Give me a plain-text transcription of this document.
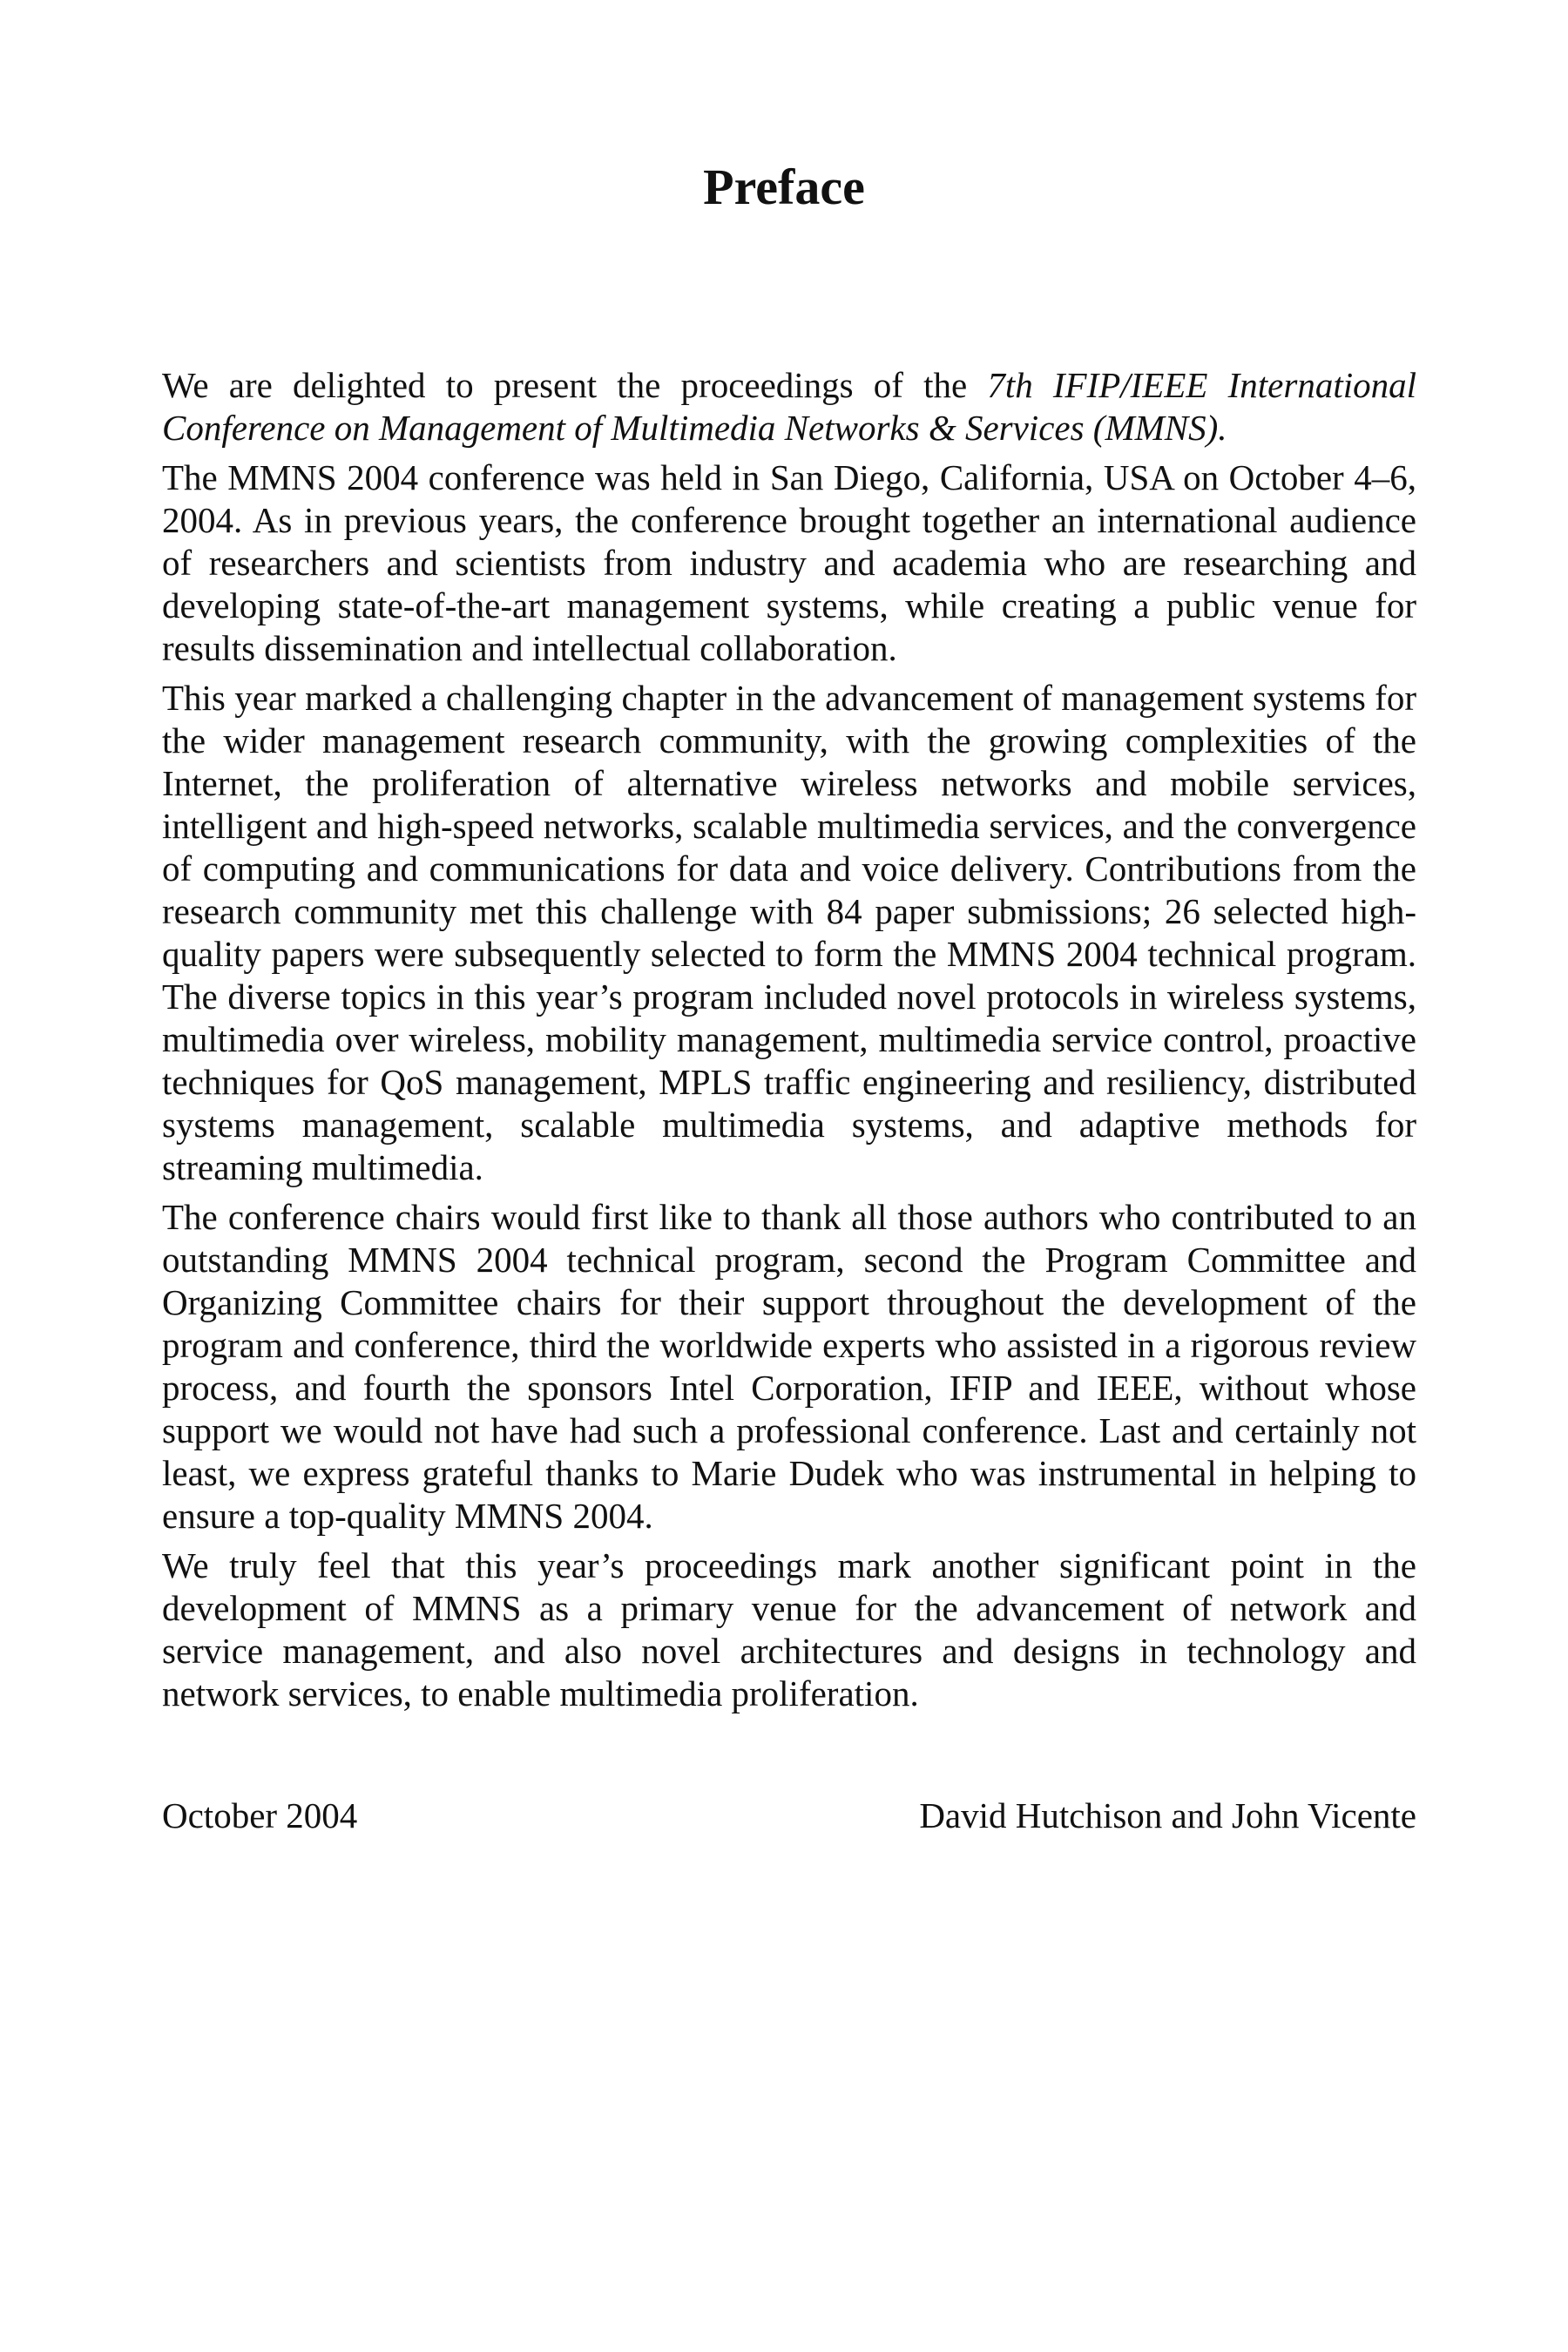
Preface

We are delighted to present the proceedings of the 7th IFIP/IEEE International Conference on Management of Multimedia Networks & Services (MMNS).

The MMNS 2004 conference was held in San Diego, California, USA on October 4–6, 2004. As in previous years, the conference brought together an international audience of researchers and scientists from industry and academia who are researching and developing state-of-the-art management systems, while creating a public venue for results dissemination and intellectual collaboration.

This year marked a challenging chapter in the advancement of management systems for the wider management research community, with the growing complexities of the Internet, the proliferation of alternative wireless networks and mobile services, intelligent and high-speed networks, scalable multimedia services, and the convergence of computing and communications for data and voice delivery. Contributions from the research community met this challenge with 84 paper submissions; 26 selected high-quality papers were subsequently selected to form the MMNS 2004 technical program. The diverse topics in this year’s program included novel protocols in wireless systems, multimedia over wireless, mobility management, multimedia service control, proactive techniques for QoS management, MPLS traffic engineering and resiliency, distributed systems management, scalable multimedia systems, and adaptive methods for streaming multimedia.

The conference chairs would first like to thank all those authors who contributed to an outstanding MMNS 2004 technical program, second the Program Committee and Organizing Committee chairs for their support throughout the development of the program and conference, third the worldwide experts who assisted in a rigorous review process, and fourth the sponsors Intel Corporation, IFIP and IEEE, without whose support we would not have had such a professional conference. Last and certainly not least, we express grateful thanks to Marie Dudek who was instrumental in helping to ensure a top-quality MMNS 2004.

We truly feel that this year’s proceedings mark another significant point in the development of MMNS as a primary venue for the advancement of network and service management, and also novel architectures and designs in technology and network services, to enable multimedia proliferation.

October 2004	David Hutchison and John Vicente
